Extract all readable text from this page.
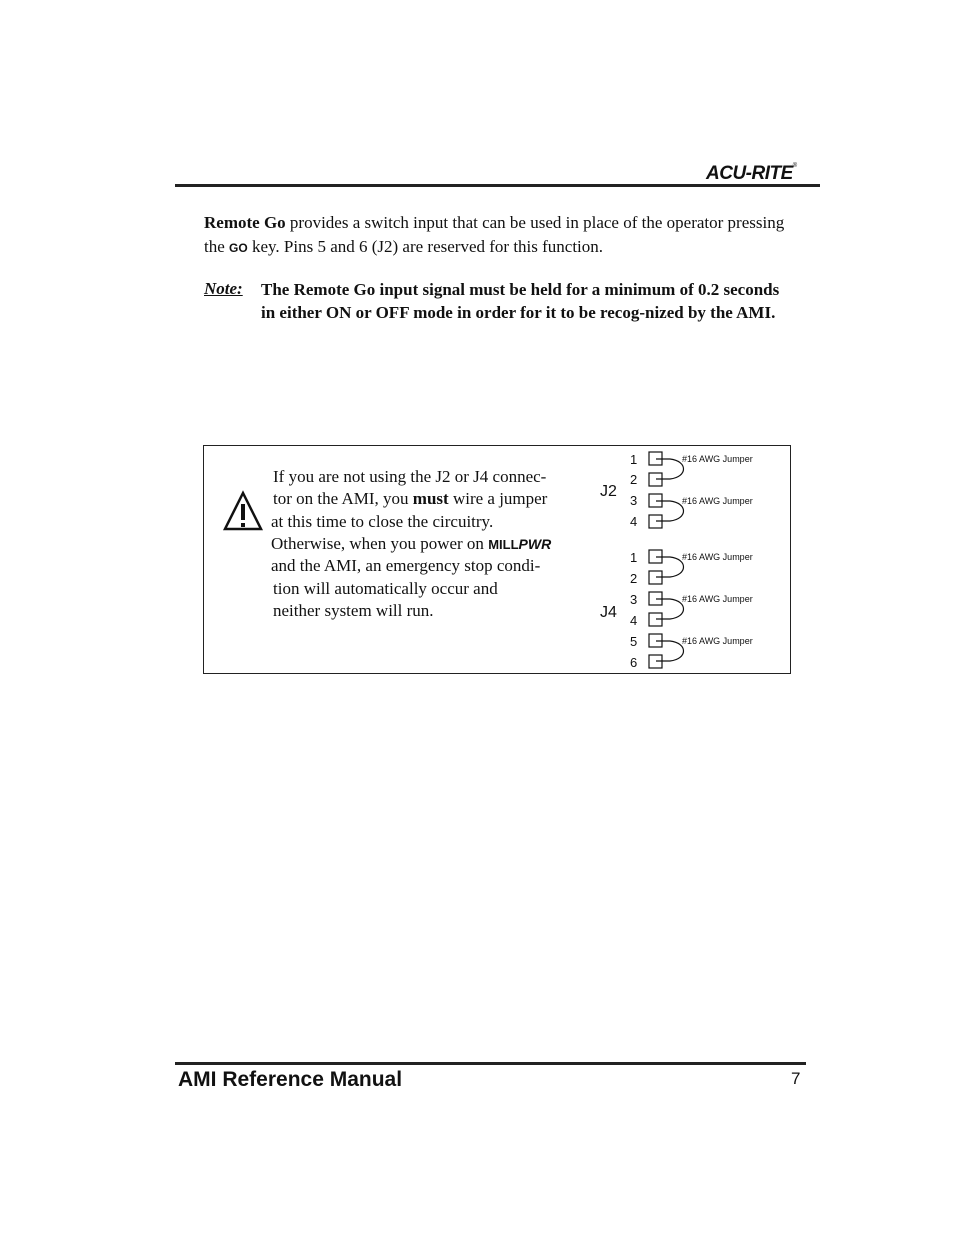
ACU-RITE®
Remote Go provides a switch input that can be used in place of the operator pressing the GO key. Pins 5 and 6 (J2) are reserved for this function.
Note: The Remote Go input signal must be held for a minimum of 0.2 seconds in either ON or OFF mode in order for it to be recog-nized by the AMI.
If you are not using the J2 or J4 connec-
tor on the AMI, you must wire a jumper
at this time to close the circuitry.
Otherwise, when you power on MILLPWR
and the AMI, an emergency stop condi-
tion will automatically occur and
neither system will run.
J2
J4
1
2
3
4
1
2
3
4
5
6
#16 AWG Jumper
#16 AWG Jumper
#16 AWG Jumper
#16 AWG Jumper
#16 AWG Jumper
AMI Reference Manual	7
